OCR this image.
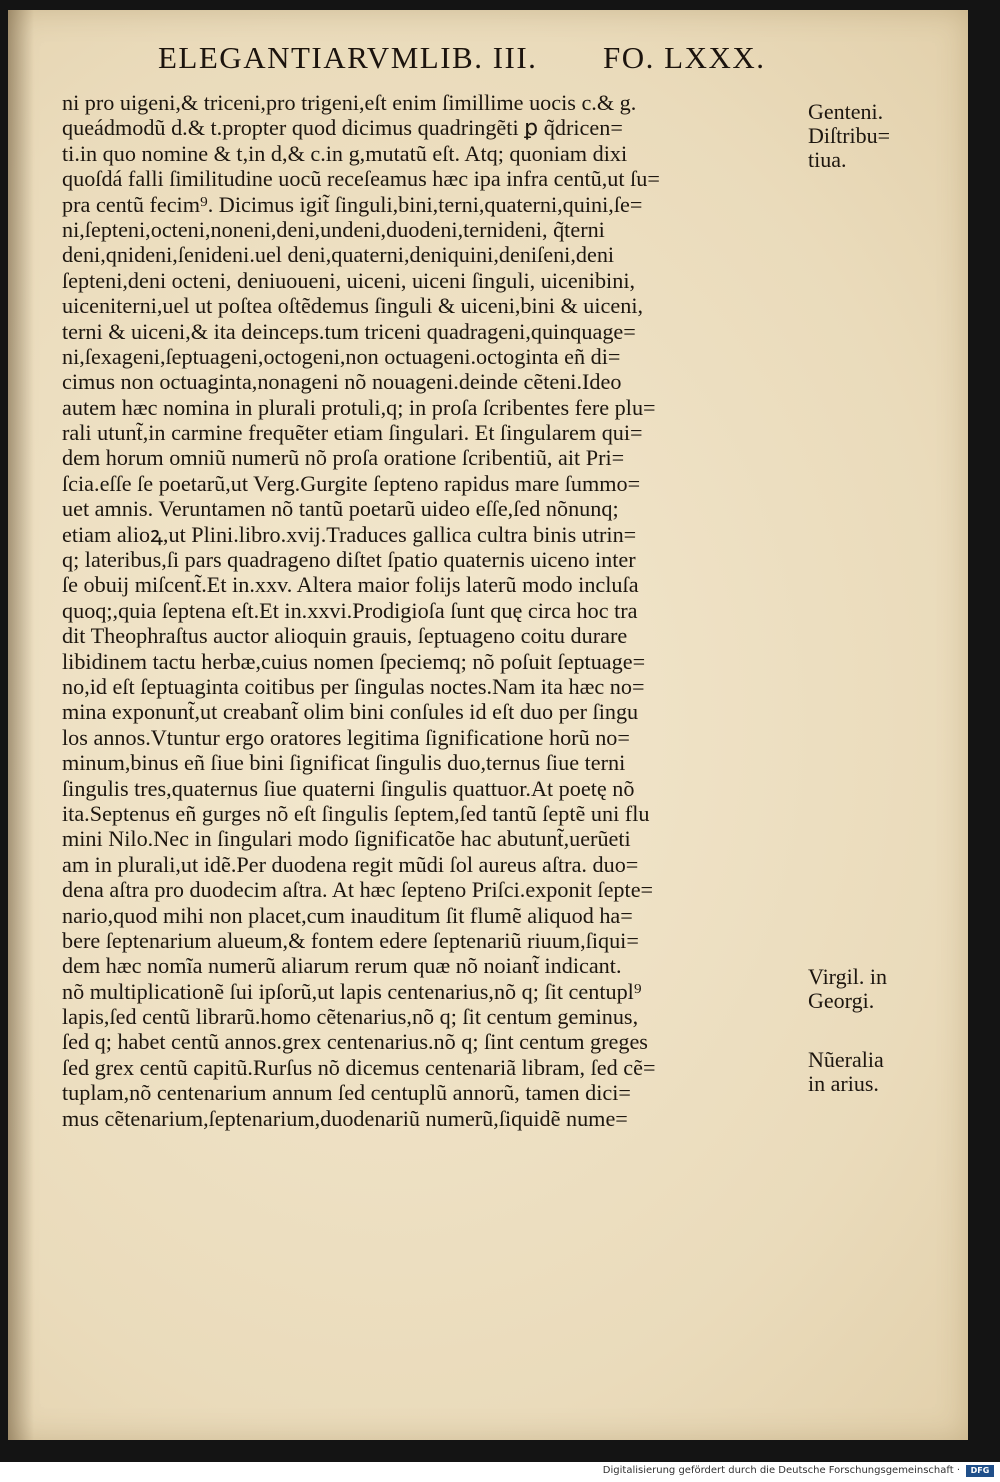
ELEGANTIARVMLIB. III. FO. LXXX.
ni pro uigeni,& triceni,pro trigeni,eſt enim ſimillime uocis c.& g.
queádmodũ d.& t.propter quod dicimus quadringẽti ꝑ q̃dricen=
ti.in quo nomine & t,in d,& c.in g,mutatũ eſt. Atq; quoniam dixi
quoſdá falli ſimilitudine uocũ receſeamus hæc ipa infra centũ,ut ſu=
pra centũ fecim⁹. Dicimus igit̃ ſinguli,bini,terni,quaterni,quini,ſe=
ni,ſepteni,octeni,noneni,deni,undeni,duodeni,ternideni, q̃terni
deni,qnideni,ſenideni.uel deni,quaterni,deniquini,deniſeni,deni
ſepteni,deni octeni, deniuoueni, uiceni, uiceni ſinguli, uicenibini,
uiceniterni,uel ut poſtea oſtẽdemus ſinguli & uiceni,bini & uiceni,
terni & uiceni,& ita deinceps.tum triceni quadrageni,quinquage=
ni,ſexageni,ſeptuageni,octogeni,non octuageni.octoginta eñ di=
cimus non octuaginta,nonageni nõ nouageni.deinde cẽteni.Ideo
autem hæc nomina in plurali protuli,q; in proſa ſcribentes fere plu=
rali utunt̃,in carmine frequẽter etiam ſingulari. Et ſingularem qui=
dem horum omniũ numerũ nõ proſa oratione ſcribentiũ, ait Pri=
ſcia.eſſe ſe poetarũ,ut Verg.Gurgite ſepteno rapidus mare ſummo=
uet amnis. Veruntamen nõ tantũ poetarũ uideo eſſe,ſed nõnunq;
etiam alioꝝ,ut Plini.libro.xvij.Traduces gallica cultra binis utrin=
q; lateribus,ſi pars quadrageno diſtet ſpatio quaternis uiceno inter
ſe obuij miſcent̃.Et in.xxv. Altera maior folijs laterũ modo incluſa
quoq;,quia ſeptena eſt.Et in.xxvi.Prodigioſa ſunt quę circa hoc tra
dit Theophraſtus auctor alioquin grauis, ſeptuageno coitu durare
libidinem tactu herbæ,cuius nomen ſpeciemq; nõ poſuit ſeptuage=
no,id eſt ſeptuaginta coitibus per ſingulas noctes.Nam ita hæc no=
mina exponunt̃,ut creabant̃ olim bini conſules id eſt duo per ſingu
los annos.Vtuntur ergo oratores legitima ſignificatione horũ no=
minum,binus eñ ſiue bini ſignificat ſingulis duo,ternus ſiue terni
ſingulis tres,quaternus ſiue quaterni ſingulis quattuor.At poetę nõ
ita.Septenus eñ gurges nõ eſt ſingulis ſeptem,ſed tantũ ſeptẽ uni flu
mini Nilo.Nec in ſingulari modo ſignificatõe hac abutunt̃,uerũeti
am in plurali,ut idẽ.Per duodena regit mũdi ſol aureus aſtra. duo=
dena aſtra pro duodecim aſtra. At hæc ſepteno Priſci.exponit ſepte=
nario,quod mihi non placet,cum inauditum ſit flumẽ aliquod ha=
bere ſeptenarium alueum,& fontem edere ſeptenariũ riuum,ſiqui=
dem hæc nomĩa numerũ aliarum rerum quæ nõ noiant̃ indicant.
nõ multiplicationẽ ſui ipſorũ,ut lapis centenarius,nõ q; ſit centupl⁹
lapis,ſed centũ librarũ.homo cẽtenarius,nõ q; ſit centum geminus,
ſed q; habet centũ annos.grex centenarius.nõ q; ſint centum greges
ſed grex centũ capitũ.Rurſus nõ dicemus centenariã libram, ſed cẽ=
tuplam,nõ centenarium annum ſed centuplũ annorũ, tamen dici=
mus cẽtenarium,ſeptenarium,duodenariũ numerũ,ſiquidẽ nume=
Genteni.
Diſtribu=
tiua.
Virgil. in
Georgi.
Nũeralia
in arius.
Digitalisierung gefördert durch die Deutsche Forschungsgemeinschaft ·	DFG
